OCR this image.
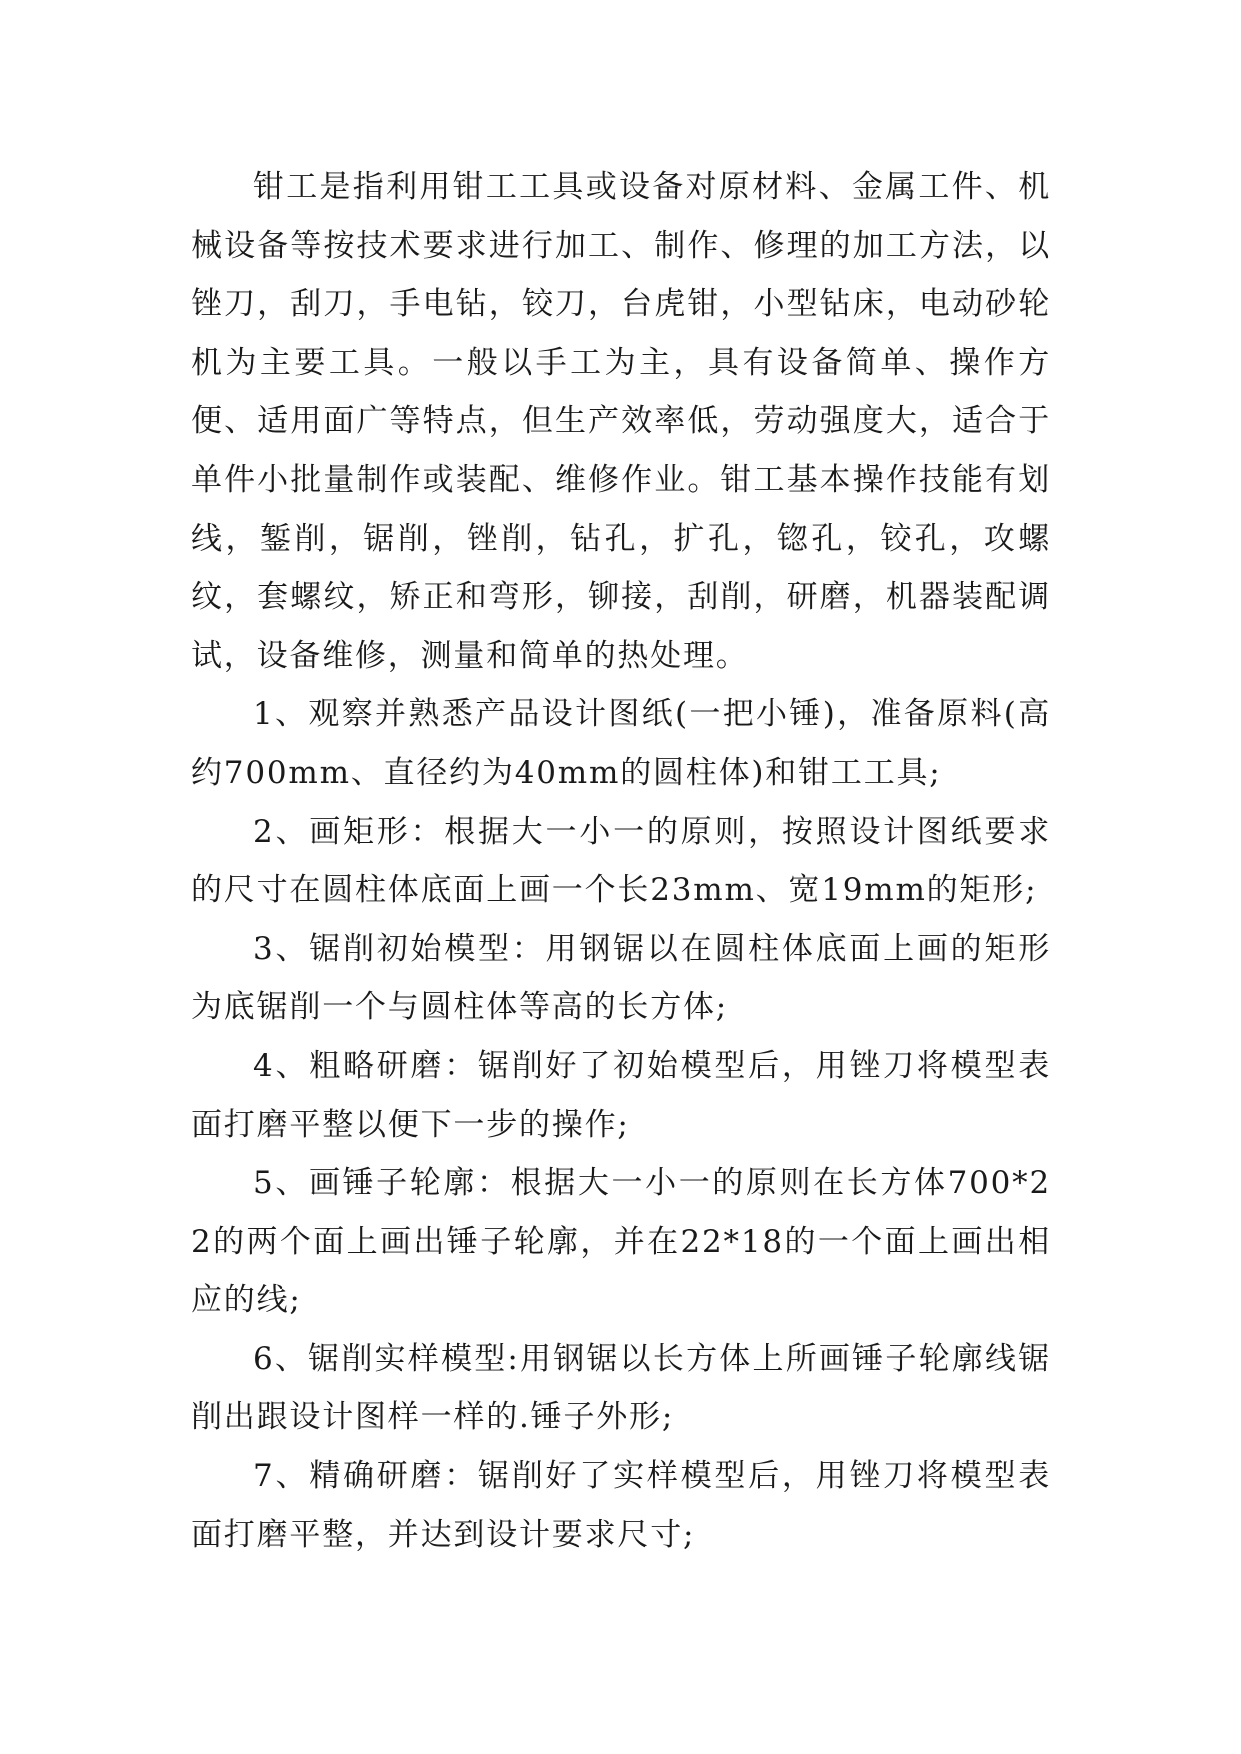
钳工是指利用钳工工具或设备对原材料、金属工件、机械设备等按技术要求进行加工、制作、修理的加工方法，以锉刀，刮刀，手电钻，铰刀，台虎钳，小型钻床，电动砂轮机为主要工具。一般以手工为主，具有设备简单、操作方便、适用面广等特点，但生产效率低，劳动强度大，适合于单件小批量制作或装配、维修作业。钳工基本操作技能有划线，錾削，锯削，锉削，钻孔，扩孔，锪孔，铰孔，攻螺纹，套螺纹，矫正和弯形，铆接，刮削，研磨，机器装配调试，设备维修，测量和简单的热处理。

1、观察并熟悉产品设计图纸(一把小锤)，准备原料(高约700mm、直径约为40mm的圆柱体)和钳工工具;

2、画矩形：根据大一小一的原则，按照设计图纸要求的尺寸在圆柱体底面上画一个长23mm、宽19mm的矩形;

3、锯削初始模型：用钢锯以在圆柱体底面上画的矩形为底锯削一个与圆柱体等高的长方体;

4、粗略研磨：锯削好了初始模型后，用锉刀将模型表面打磨平整以便下一步的操作;

5、画锤子轮廓：根据大一小一的原则在长方体700*22的两个面上画出锤子轮廓，并在22*18的一个面上画出相应的线;

6、锯削实样模型:用钢锯以长方体上所画锤子轮廓线锯削出跟设计图样一样的.锤子外形;

7、精确研磨：锯削好了实样模型后，用锉刀将模型表面打磨平整，并达到设计要求尺寸;
